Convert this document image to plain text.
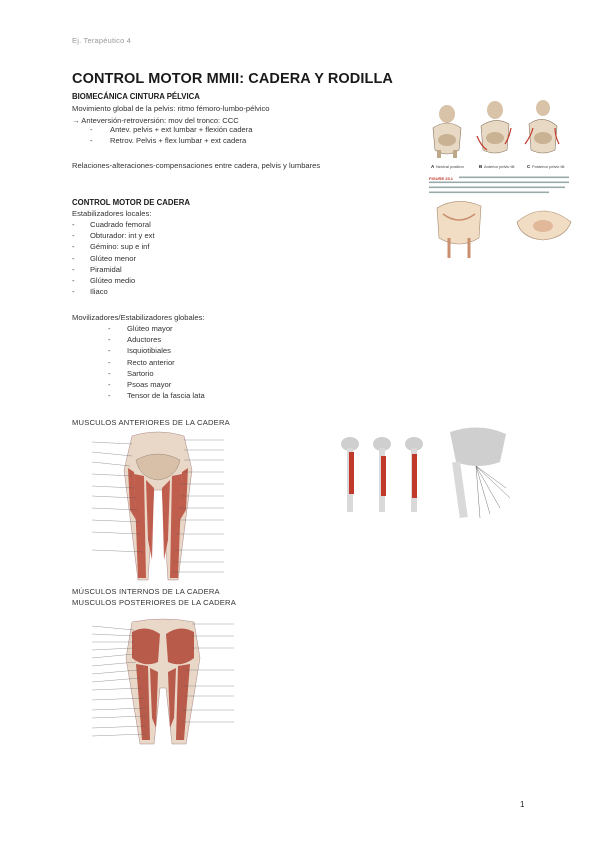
Ej. Terapéutico 4
CONTROL MOTOR MMII: CADERA Y RODILLA
BIOMECÁNICA CINTURA PÉLVICA
Movimiento global de la pelvis: ritmo fémoro-lumbo-pélvico
→ Anteversión-retroversión: mov del tronco: CCC
- Antev. pelvis + ext lumbar + flexión cadera
- Retrov. Pelvis + flex lumbar + ext cadera
Relaciones-alteraciones-compensaciones entre cadera, pelvis y lumbares
CONTROL MOTOR DE CADERA
Estabilizadores locales:
- Cuadrado femoral
- Obturador: int y ext
- Gémino: sup e inf
- Glúteo menor
- Piramidal
- Glúteo medio
- Iliaco
Movilizadores/Estabilizadores globales:
- Glúteo mayor
- Aductores
- Isquiotibiales
- Recto anterior
- Sartorio
- Psoas mayor
- Tensor de la fascia lata
MUSCULOS ANTERIORES DE LA CADERA
MÚSCULOS INTERNOS DE LA CADERA
MUSCULOS POSTERIORES DE LA CADERA
A Neutral position	B Anterior pelvic tilt	C Posterior pelvic tilt
FIGURE 25.1
1
